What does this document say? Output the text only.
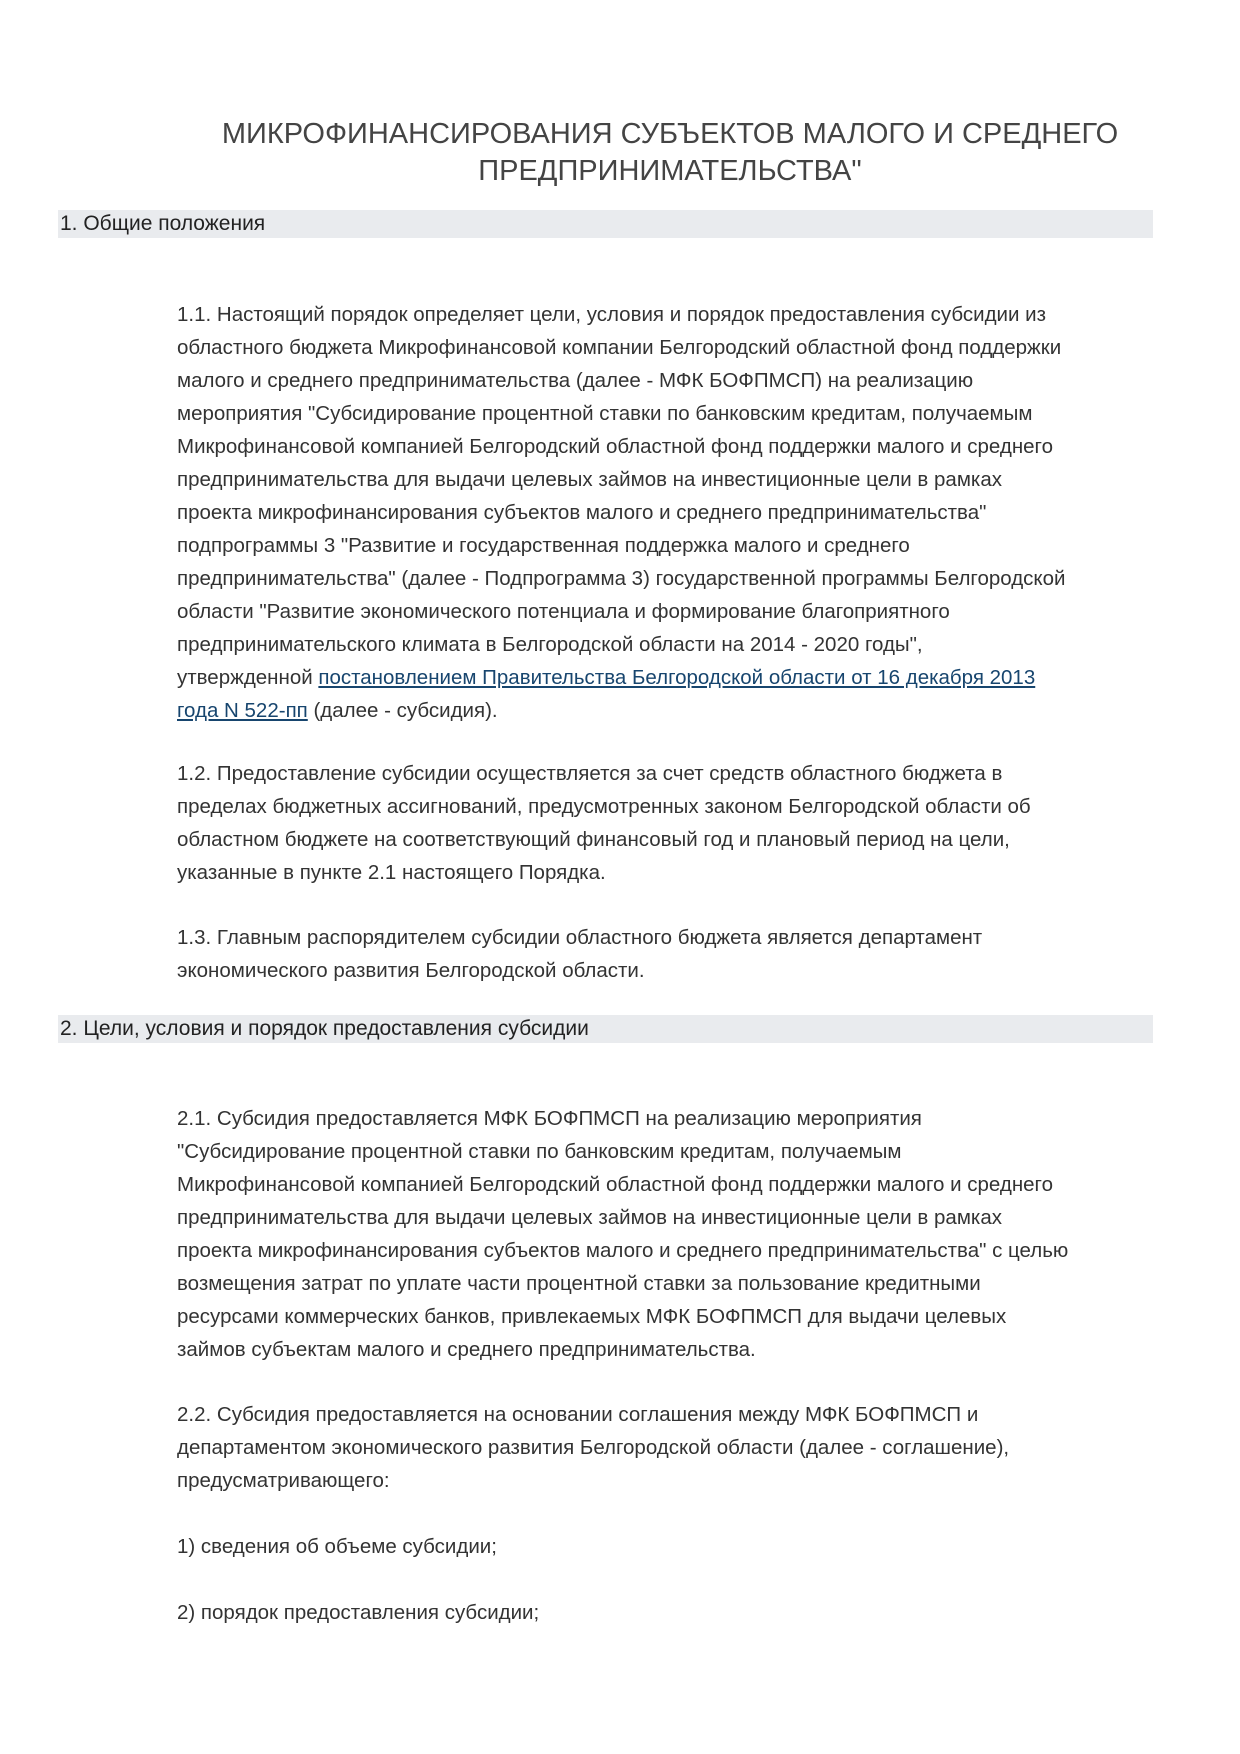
МИКРОФИНАНСИРОВАНИЯ СУБЪЕКТОВ МАЛОГО И СРЕДНЕГО
ПРЕДПРИНИМАТЕЛЬСТВА"
1. Общие положения
1.1. Настоящий порядок определяет цели, условия и порядок предоставления субсидии из
областного бюджета Микрофинансовой компании Белгородский областной фонд поддержки
малого и среднего предпринимательства (далее - МФК БОФПМСП) на реализацию
мероприятия "Субсидирование процентной ставки по банковским кредитам, получаемым
Микрофинансовой компанией Белгородский областной фонд поддержки малого и среднего
предпринимательства для выдачи целевых займов на инвестиционные цели в рамках
проекта микрофинансирования субъектов малого и среднего предпринимательства"
подпрограммы 3 "Развитие и государственная поддержка малого и среднего
предпринимательства" (далее - Подпрограмма 3) государственной программы Белгородской
области "Развитие экономического потенциала и формирование благоприятного
предпринимательского климата в Белгородской области на 2014 - 2020 годы",
утвержденной постановлением Правительства Белгородской области от 16 декабря 2013
года N 522-пп (далее - субсидия).
1.2. Предоставление субсидии осуществляется за счет средств областного бюджета в
пределах бюджетных ассигнований, предусмотренных законом Белгородской области об
областном бюджете на соответствующий финансовый год и плановый период на цели,
указанные в пункте 2.1 настоящего Порядка.
1.3. Главным распорядителем субсидии областного бюджета является департамент
экономического развития Белгородской области.
2. Цели, условия и порядок предоставления субсидии
2.1. Субсидия предоставляется МФК БОФПМСП на реализацию мероприятия
"Субсидирование процентной ставки по банковским кредитам, получаемым
Микрофинансовой компанией Белгородский областной фонд поддержки малого и среднего
предпринимательства для выдачи целевых займов на инвестиционные цели в рамках
проекта микрофинансирования субъектов малого и среднего предпринимательства" с целью
возмещения затрат по уплате части процентной ставки за пользование кредитными
ресурсами коммерческих банков, привлекаемых МФК БОФПМСП для выдачи целевых
займов субъектам малого и среднего предпринимательства.
2.2. Субсидия предоставляется на основании соглашения между МФК БОФПМСП и
департаментом экономического развития Белгородской области (далее - соглашение),
предусматривающего:
1) сведения об объеме субсидии;
2) порядок предоставления субсидии;
